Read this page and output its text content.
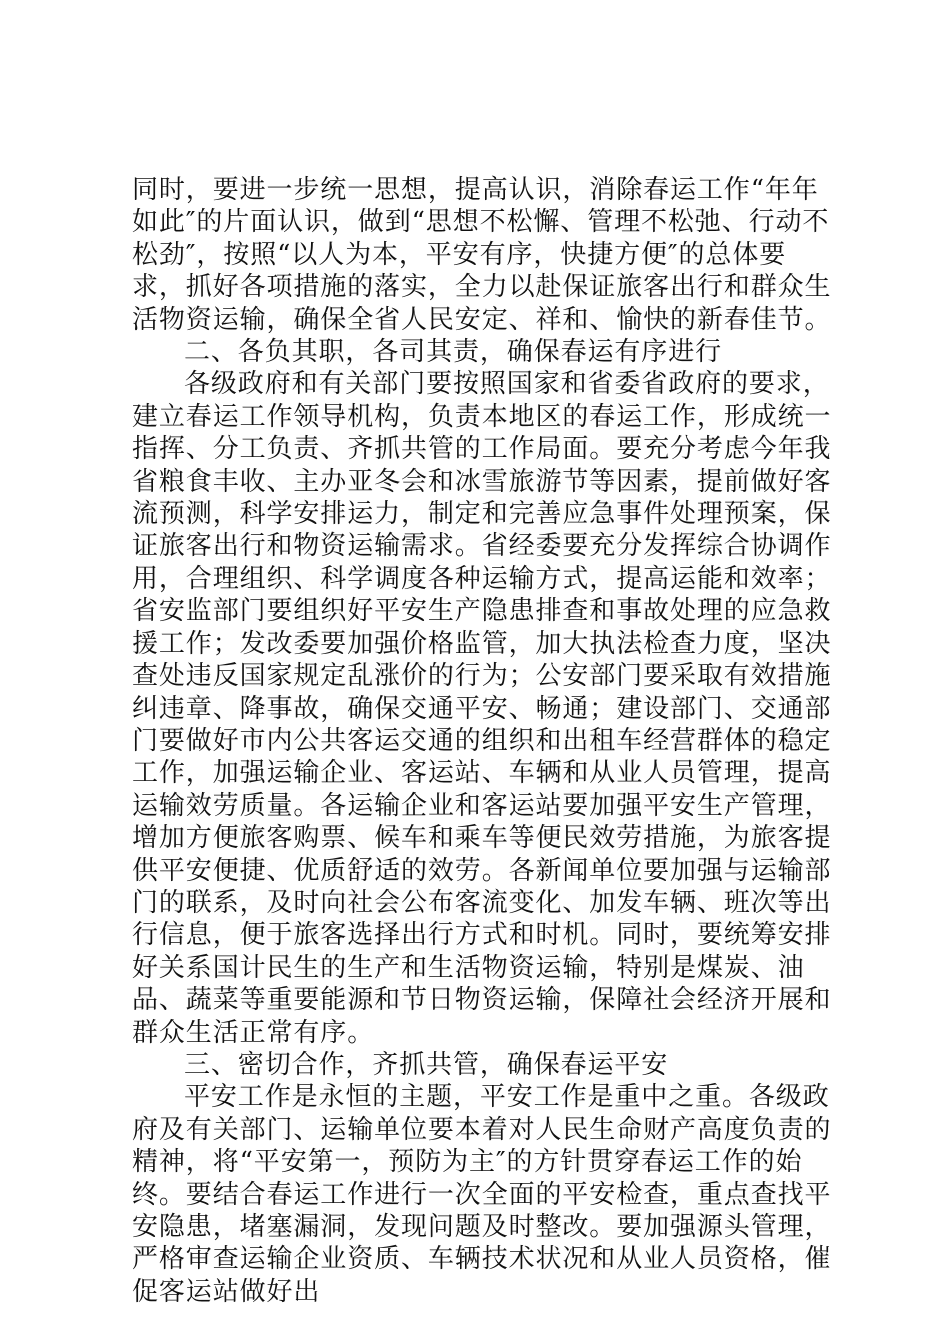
同时，要进一步统一思想，提高认识，消除春运工作“年年如此″的片面认识，做到“思想不松懈、管理不松弛、行动不松劲″，按照“以人为本，平安有序，快捷方便″的总体要求，抓好各项措施的落实，全力以赴保证旅客出行和群众生活物资运输，确保全省人民安定、祥和、愉快的新春佳节。

二、各负其职，各司其责，确保春运有序进行

各级政府和有关部门要按照国家和省委省政府的要求，建立春运工作领导机构，负责本地区的春运工作，形成统一指挥、分工负责、齐抓共管的工作局面。要充分考虑今年我省粮食丰收、主办亚冬会和冰雪旅游节等因素，提前做好客流预测，科学安排运力，制定和完善应急事件处理预案，保证旅客出行和物资运输需求。省经委要充分发挥综合协调作用，合理组织、科学调度各种运输方式，提高运能和效率；省安监部门要组织好平安生产隐患排查和事故处理的应急救援工作；发改委要加强价格监管，加大执法检查力度，坚决查处违反国家规定乱涨价的行为；公安部门要采取有效措施纠违章、降事故，确保交通平安、畅通；建设部门、交通部门要做好市内公共客运交通的组织和出租车经营群体的稳定工作，加强运输企业、客运站、车辆和从业人员管理，提高运输效劳质量。各运输企业和客运站要加强平安生产管理，增加方便旅客购票、候车和乘车等便民效劳措施，为旅客提供平安便捷、优质舒适的效劳。各新闻单位要加强与运输部门的联系，及时向社会公布客流变化、加发车辆、班次等出行信息，便于旅客选择出行方式和时机。同时，要统筹安排好关系国计民生的生产和生活物资运输，特别是煤炭、油品、蔬菜等重要能源和节日物资运输，保障社会经济开展和群众生活正常有序。

三、密切合作，齐抓共管，确保春运平安

平安工作是永恒的主题，平安工作是重中之重。各级政府及有关部门、运输单位要本着对人民生命财产高度负责的精神，将“平安第一，预防为主″的方针贯穿春运工作的始终。要结合春运工作进行一次全面的平安检查，重点查找平安隐患，堵塞漏洞，发现问题及时整改。要加强源头管理，严格审查运输企业资质、车辆技术状况和从业人员资格，催促客运站做好出
